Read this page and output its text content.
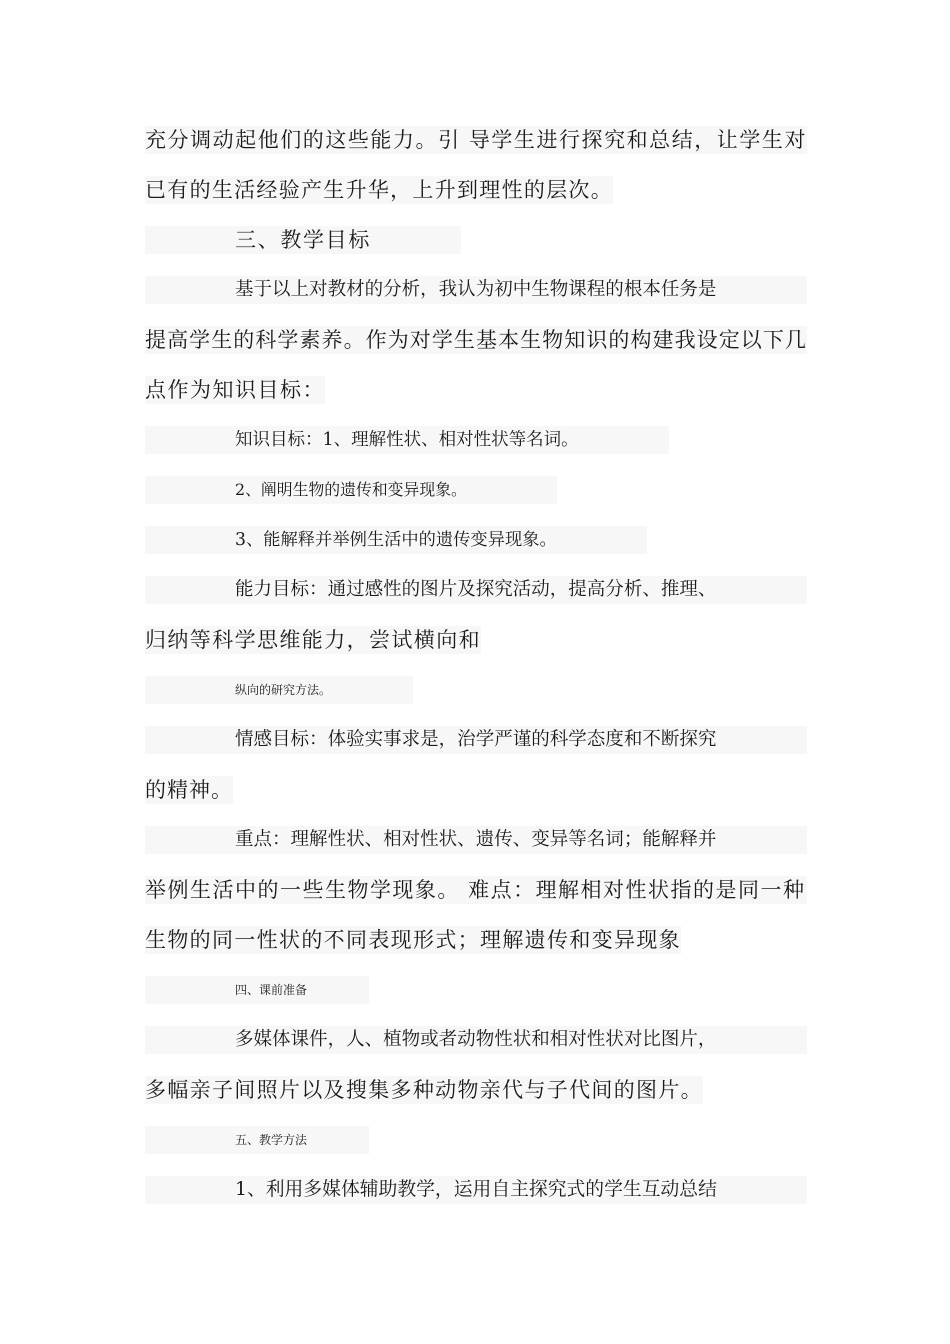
充分调动起他们的这些能力。引 导学生进行探究和总结，让学生对
已有的生活经验产生升华，上升到理性的层次。
三、教学目标
基于以上对教材的分析，我认为初中生物课程的根本任务是
提高学生的科学素养。作为对学生基本生物知识的构建我设定以下几
点作为知识目标：
知识目标：1、理解性状、相对性状等名词。
2、阐明生物的遗传和变异现象。
3、能解释并举例生活中的遗传变异现象。
能力目标：通过感性的图片及探究活动，提高分析、推理、
归纳等科学思维能力，尝试横向和
纵向的研究方法。
情感目标：体验实事求是，治学严谨的科学态度和不断探究
的精神。
重点：理解性状、相对性状、遗传、变异等名词；能解释并
举例生活中的一些生物学现象。 难点：理解相对性状指的是同一种
生物的同一性状的不同表现形式；理解遗传和变异现象
四、课前准备
多媒体课件，人、植物或者动物性状和相对性状对比图片，
多幅亲子间照片以及搜集多种动物亲代与子代间的图片。
五、教学方法
1、利用多媒体辅助教学，运用自主探究式的学生互动总结
